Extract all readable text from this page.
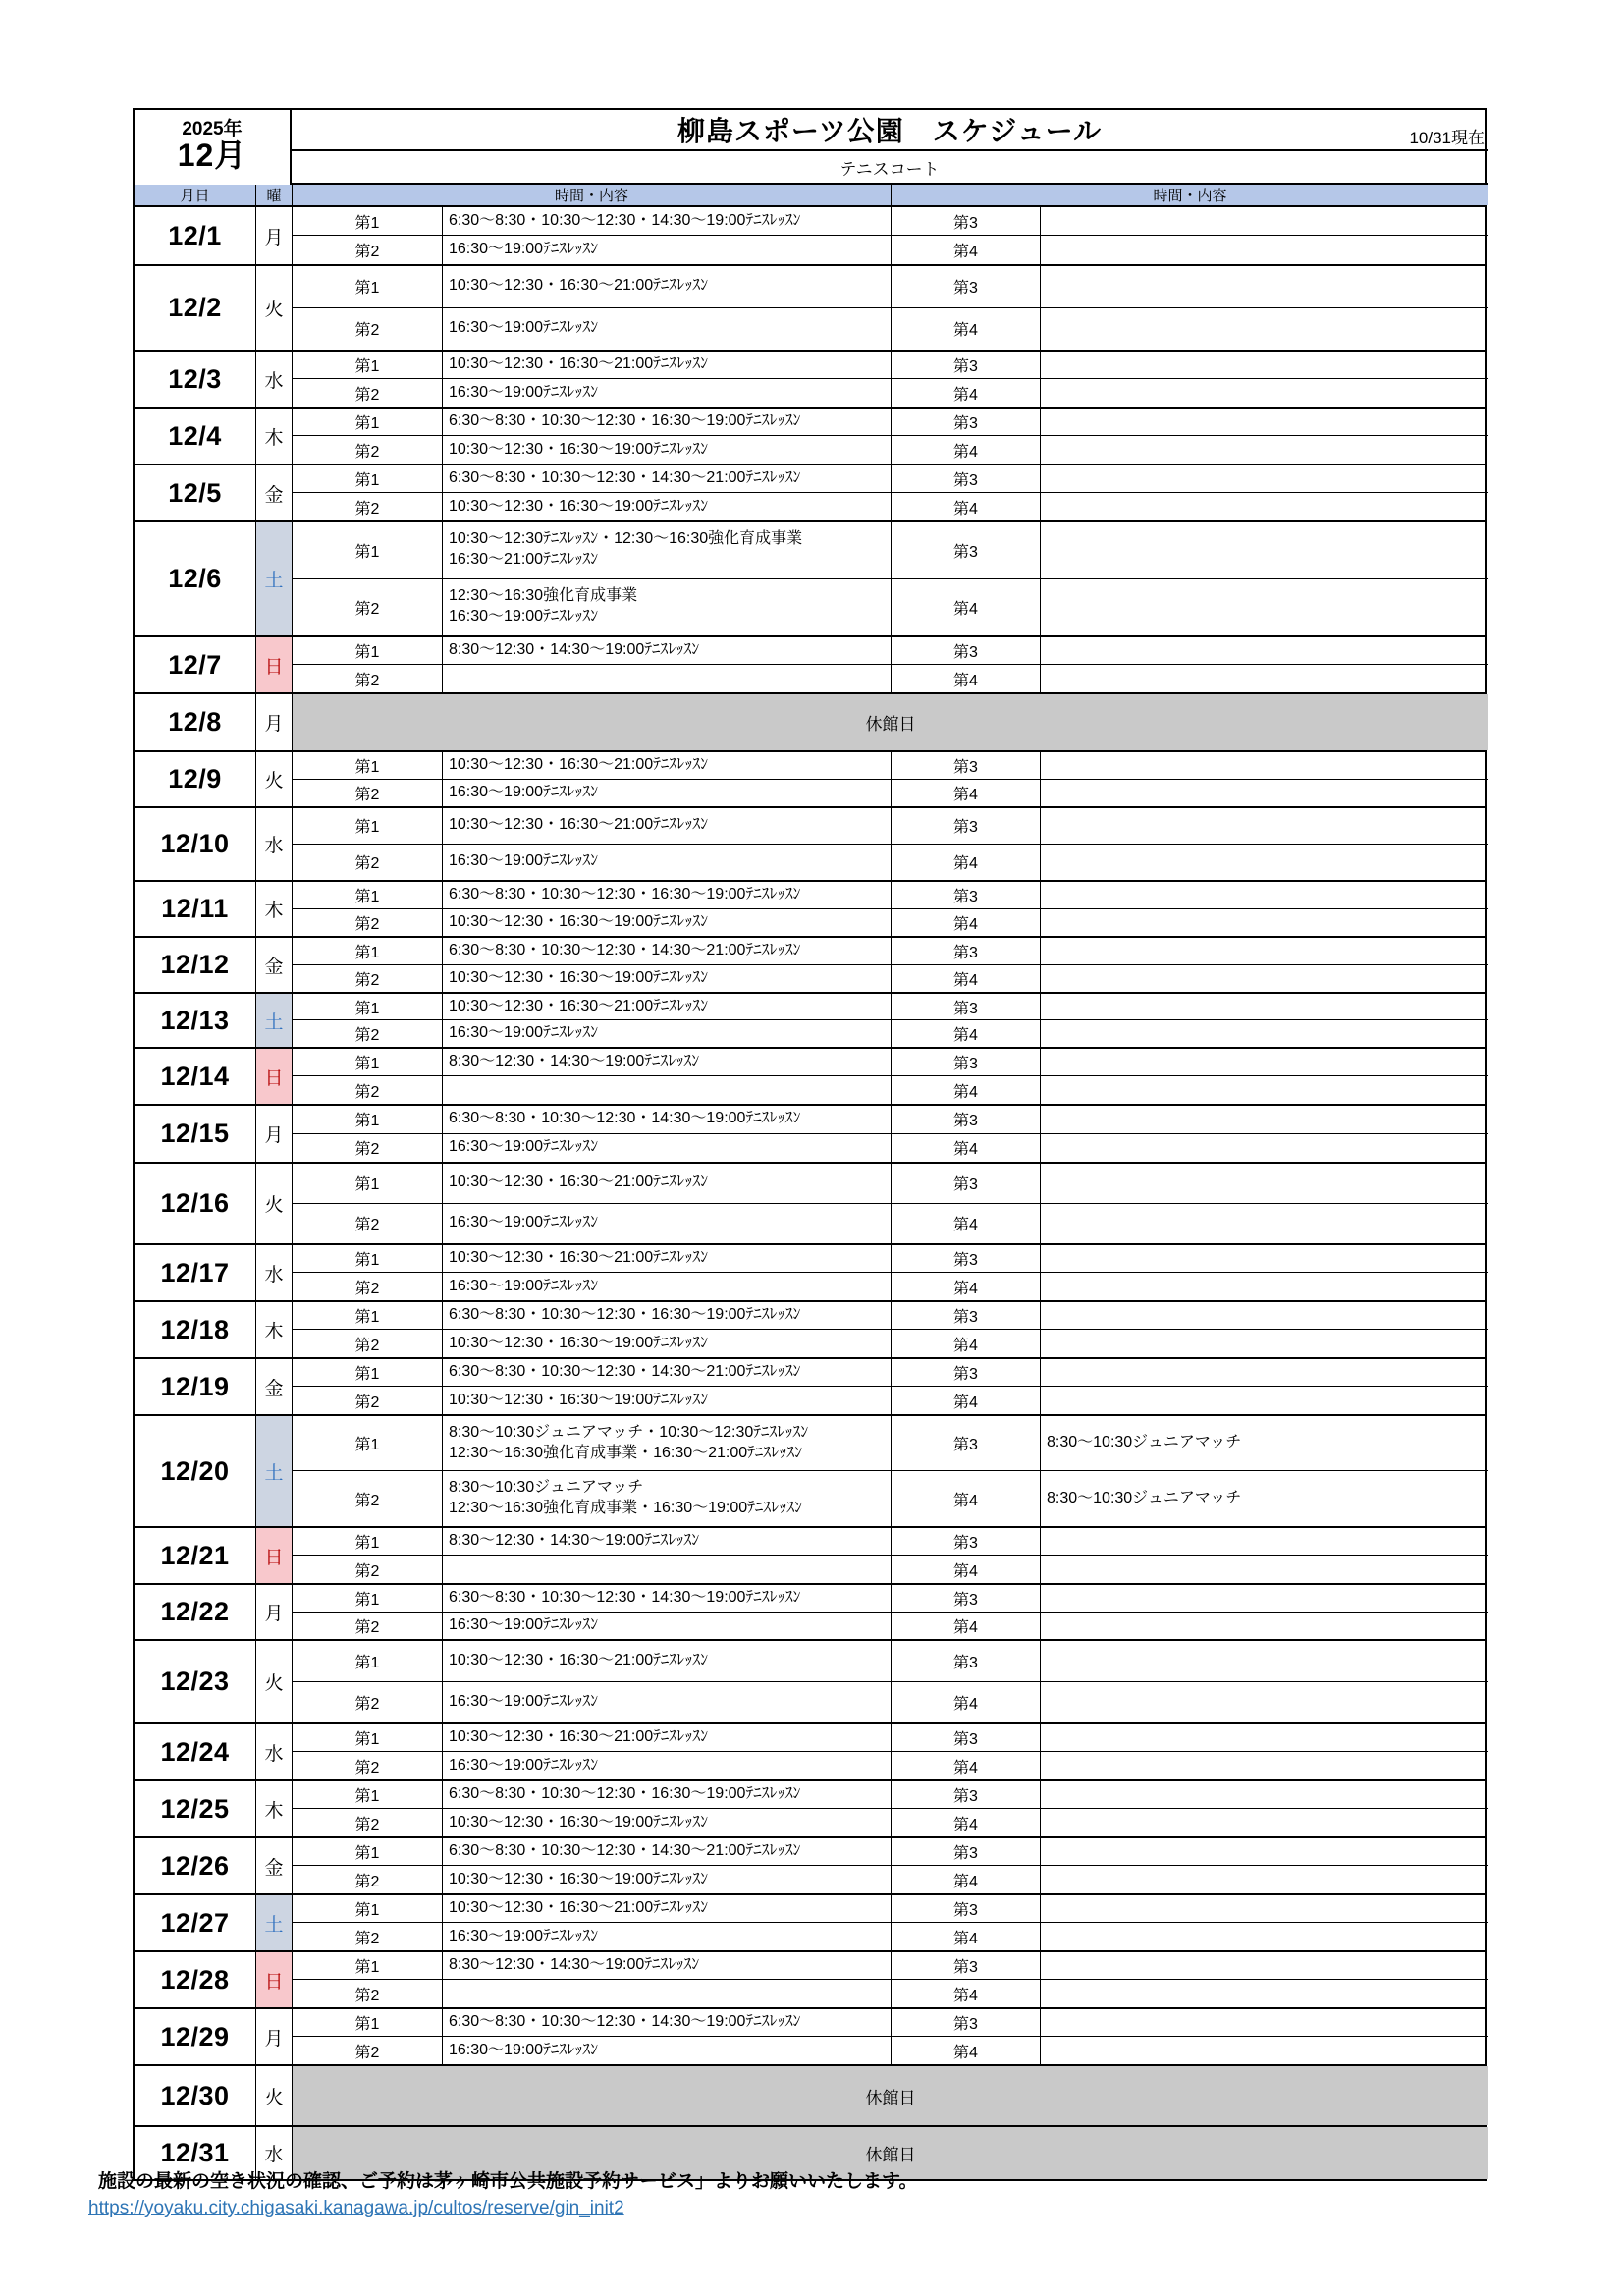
2025年
12月
柳島スポーツ公園　スケジュール	10/31現在
テニスコート
月日	曜	時間・内容	時間・内容
12/1 月
第1	6:30～8:30・10:30～12:30・14:30～19:00ﾃﾆｽﾚｯｽﾝ	第3
第2	16:30～19:00ﾃﾆｽﾚｯｽﾝ	第4
12/2 火
第1	10:30～12:30・16:30～21:00ﾃﾆｽﾚｯｽﾝ	第3
第2	16:30～19:00ﾃﾆｽﾚｯｽﾝ	第4
12/3 水
第1	10:30～12:30・16:30～21:00ﾃﾆｽﾚｯｽﾝ	第3
第2	16:30～19:00ﾃﾆｽﾚｯｽﾝ	第4
12/4 木
第1	6:30～8:30・10:30～12:30・16:30～19:00ﾃﾆｽﾚｯｽﾝ	第3
第2	10:30～12:30・16:30～19:00ﾃﾆｽﾚｯｽﾝ	第4
12/5 金
第1	6:30～8:30・10:30～12:30・14:30～21:00ﾃﾆｽﾚｯｽﾝ	第3
第2	10:30～12:30・16:30～19:00ﾃﾆｽﾚｯｽﾝ	第4
12/6 土
第1
10:30～12:30ﾃﾆｽﾚｯｽﾝ・12:30～16:30強化育成事業
16:30～21:00ﾃﾆｽﾚｯｽﾝ	第3
第2
12:30～16:30強化育成事業
16:30～19:00ﾃﾆｽﾚｯｽﾝ	第4
12/7 日
第1	8:30～12:30・14:30～19:00ﾃﾆｽﾚｯｽﾝ	第3
第2	第4
12/8 月	休館日
12/9 火
第1	10:30～12:30・16:30～21:00ﾃﾆｽﾚｯｽﾝ	第3
第2	16:30～19:00ﾃﾆｽﾚｯｽﾝ	第4
12/10 水
第1	10:30～12:30・16:30～21:00ﾃﾆｽﾚｯｽﾝ	第3
第2	16:30～19:00ﾃﾆｽﾚｯｽﾝ	第4
12/11 木
第1	6:30～8:30・10:30～12:30・16:30～19:00ﾃﾆｽﾚｯｽﾝ	第3
第2	10:30～12:30・16:30～19:00ﾃﾆｽﾚｯｽﾝ	第4
12/12 金
第1	6:30～8:30・10:30～12:30・14:30～21:00ﾃﾆｽﾚｯｽﾝ	第3
第2	10:30～12:30・16:30～19:00ﾃﾆｽﾚｯｽﾝ	第4
12/13 土
第1	10:30～12:30・16:30～21:00ﾃﾆｽﾚｯｽﾝ	第3
第2	16:30～19:00ﾃﾆｽﾚｯｽﾝ	第4
12/14 日
第1	8:30～12:30・14:30～19:00ﾃﾆｽﾚｯｽﾝ	第3
第2	第4
12/15 月
第1	6:30～8:30・10:30～12:30・14:30～19:00ﾃﾆｽﾚｯｽﾝ	第3
第2	16:30～19:00ﾃﾆｽﾚｯｽﾝ	第4
12/16 火
第1	10:30～12:30・16:30～21:00ﾃﾆｽﾚｯｽﾝ	第3
第2	16:30～19:00ﾃﾆｽﾚｯｽﾝ	第4
12/17 水
第1	10:30～12:30・16:30～21:00ﾃﾆｽﾚｯｽﾝ	第3
第2	16:30～19:00ﾃﾆｽﾚｯｽﾝ	第4
12/18 木
第1	6:30～8:30・10:30～12:30・16:30～19:00ﾃﾆｽﾚｯｽﾝ	第3
第2	10:30～12:30・16:30～19:00ﾃﾆｽﾚｯｽﾝ	第4
12/19 金
第1	6:30～8:30・10:30～12:30・14:30～21:00ﾃﾆｽﾚｯｽﾝ	第3
第2	10:30～12:30・16:30～19:00ﾃﾆｽﾚｯｽﾝ	第4
12/20 土
第1
8:30～10:30ジュニアマッチ・10:30～12:30ﾃﾆｽﾚｯｽﾝ
12:30～16:30強化育成事業・16:30～21:00ﾃﾆｽﾚｯｽﾝ	第3	8:30～10:30ジュニアマッチ
第2
8:30～10:30ジュニアマッチ
12:30～16:30強化育成事業・16:30～19:00ﾃﾆｽﾚｯｽﾝ	第4	8:30～10:30ジュニアマッチ
12/21 日
第1	8:30～12:30・14:30～19:00ﾃﾆｽﾚｯｽﾝ	第3
第2	第4
12/22 月
第1	6:30～8:30・10:30～12:30・14:30～19:00ﾃﾆｽﾚｯｽﾝ	第3
第2	16:30～19:00ﾃﾆｽﾚｯｽﾝ	第4
12/23 火
第1	10:30～12:30・16:30～21:00ﾃﾆｽﾚｯｽﾝ	第3
第2	16:30～19:00ﾃﾆｽﾚｯｽﾝ	第4
12/24 水
第1	10:30～12:30・16:30～21:00ﾃﾆｽﾚｯｽﾝ	第3
第2	16:30～19:00ﾃﾆｽﾚｯｽﾝ	第4
12/25 木
第1	6:30～8:30・10:30～12:30・16:30～19:00ﾃﾆｽﾚｯｽﾝ	第3
第2	10:30～12:30・16:30～19:00ﾃﾆｽﾚｯｽﾝ	第4
12/26 金
第1	6:30～8:30・10:30～12:30・14:30～21:00ﾃﾆｽﾚｯｽﾝ	第3
第2	10:30～12:30・16:30～19:00ﾃﾆｽﾚｯｽﾝ	第4
12/27 土
第1	10:30～12:30・16:30～21:00ﾃﾆｽﾚｯｽﾝ	第3
第2	16:30～19:00ﾃﾆｽﾚｯｽﾝ	第4
12/28 日
第1	8:30～12:30・14:30～19:00ﾃﾆｽﾚｯｽﾝ	第3
第2	第4
12/29 月
第1	6:30～8:30・10:30～12:30・14:30～19:00ﾃﾆｽﾚｯｽﾝ	第3
第2	16:30～19:00ﾃﾆｽﾚｯｽﾝ	第4
12/30 火	休館日
12/31 水	休館日
施設の最新の空き状況の確認、ご予約は茅ヶ崎市公共施設予約サービス」よりお願いいたします。
https://yoyaku.city.chigasaki.kanagawa.jp/cultos/reserve/gin_init2
